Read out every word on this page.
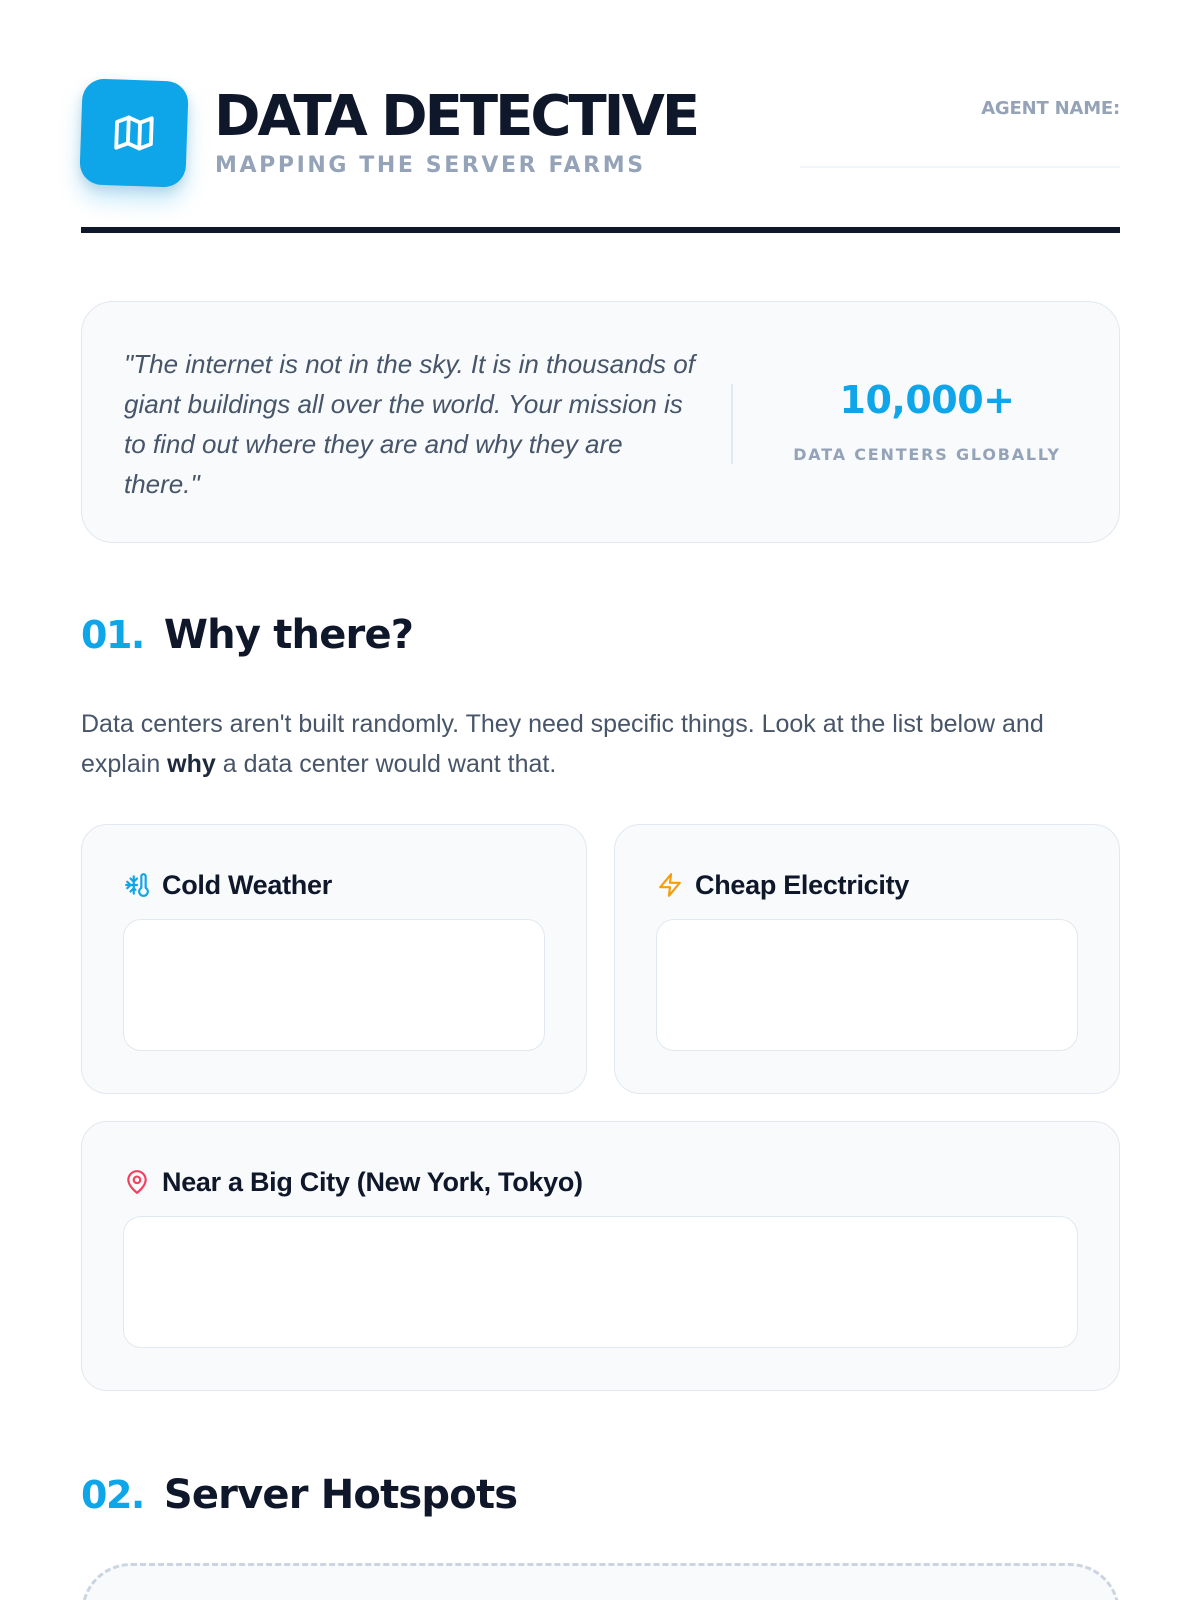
DATA DETECTIVE
MAPPING THE SERVER FARMS
AGENT NAME:
"The internet is not in the sky. It is in thousands of giant buildings all over the world. Your mission is to find out where they are and why they are there."
10,000+
DATA CENTERS GLOBALLY
01. Why there?

Data centers aren't built randomly. They need specific things. Look at the list below and explain why a data center would want that.

Cold Weather	Cheap Electricity
Near a Big City (New York, Tokyo)
02. Server Hotspots
